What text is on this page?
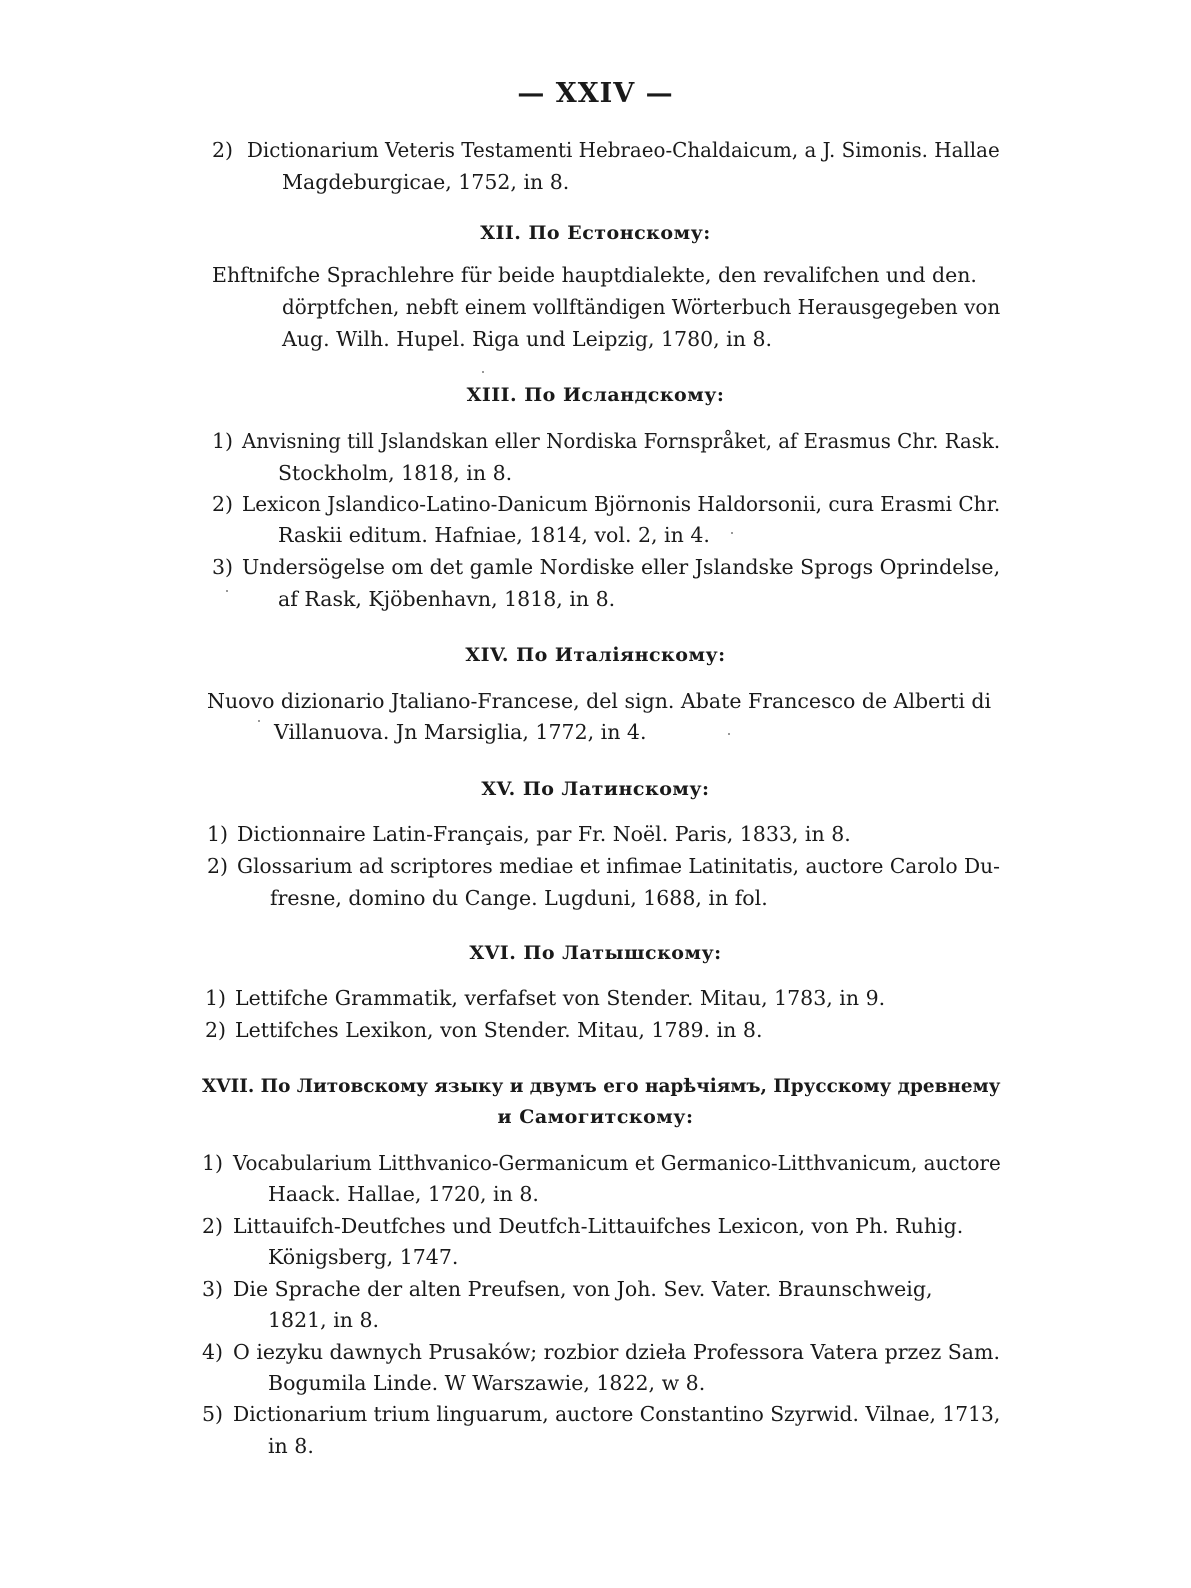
— XXIV —
2) Dictionarium Veteris Testamenti Hebraeo-Chaldaicum, a J. Simonis. Hallae
Magdeburgicae, 1752, in 8.
XII. По Естонскому:
Ehftnifche Sprachlehre für beide hauptdialekte, den revalifchen und den.
dörptfchen, nebft einem vollftändigen Wörterbuch Herausgegeben von
Aug. Wilh. Hupel. Riga und Leipzig, 1780, in 8.
XIII. По Исландскому:
1) Anvisning till Jslandskan eller Nordiska Fornspråket, af Erasmus Chr. Rask.
Stockholm, 1818, in 8.
2) Lexicon Jslandico-Latino-Danicum Björnonis Haldorsonii, cura Erasmi Chr.
Raskii editum. Hafniae, 1814, vol. 2, in 4.
3) Undersögelse om det gamle Nordiske eller Jslandske Sprogs Oprindelse,
af Rask, Kjöbenhavn, 1818, in 8.
XIV. По Италіянскому:
Nuovo dizionario Jtaliano-Francese, del sign. Abate Francesco de Alberti di
Villanuova. Jn Marsiglia, 1772, in 4.
XV. По Латинскому:
1) Dictionnaire Latin-Français, par Fr. Noël. Paris, 1833, in 8.
2) Glossarium ad scriptores mediae et infimae Latinitatis, auctore Carolo Du-
fresne, domino du Cange. Lugduni, 1688, in fol.
XVI. По Латышскому:
1) Lettifche Grammatik, verfafset von Stender. Mitau, 1783, in 9.
2) Lettifches Lexikon, von Stender. Mitau, 1789. in 8.
XVII. По Литовскому языку и двумъ его нарѣчіямъ, Прусскому древнему
и Самогитскому:
1) Vocabularium Litthvanico-Germanicum et Germanico-Litthvanicum, auctore
Haack. Hallae, 1720, in 8.
2) Littauifch-Deutfches und Deutfch-Littauifches Lexicon, von Ph. Ruhig.
Königsberg, 1747.
3) Die Sprache der alten Preufsen, von Joh. Sev. Vater. Braunschweig,
1821, in 8.
4) O iezyku dawnych Prusaków; rozbior dzieła Professora Vatera przez Sam.
Bogumila Linde. W Warszawie, 1822, w 8.
5) Dictionarium trium linguarum, auctore Constantino Szyrwid. Vilnae, 1713,
in 8.
